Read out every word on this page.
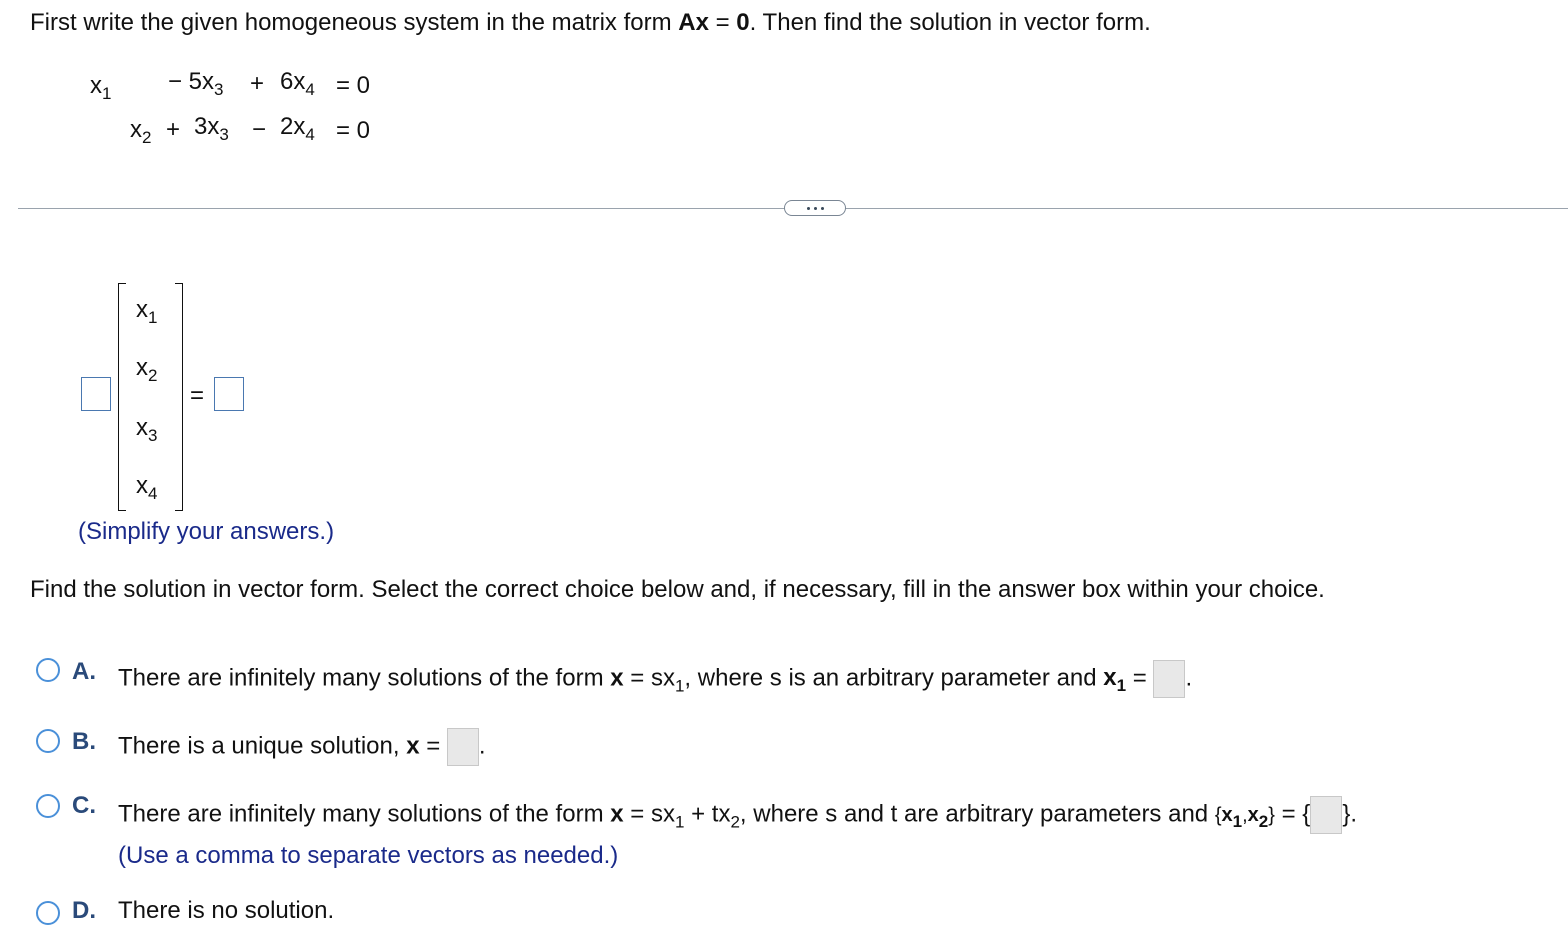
First write the given homogeneous system in the matrix form Ax = 0. Then find the solution in vector form.
$x_1 - 5x_3 + 6x_4 = 0$
$x_2 + 3x_3 - 2x_4 = 0$
$x_1$
$x_2$
$x_3$
$x_4$
=
(Simplify your answers.)
Find the solution in vector form. Select the correct choice below and, if necessary, fill in the answer box within your choice.
A. There are infinitely many solutions of the form $x = sx_1$, where s is an arbitrary parameter and $x_1$ = .
B. There is a unique solution, x = .
C. There are infinitely many solutions of the form $x = sx_1 + tx_2$, where s and t are arbitrary parameters and $\{x_1,x_2\}$ = { }.
(Use a comma to separate vectors as needed.)
D. There is no solution.
